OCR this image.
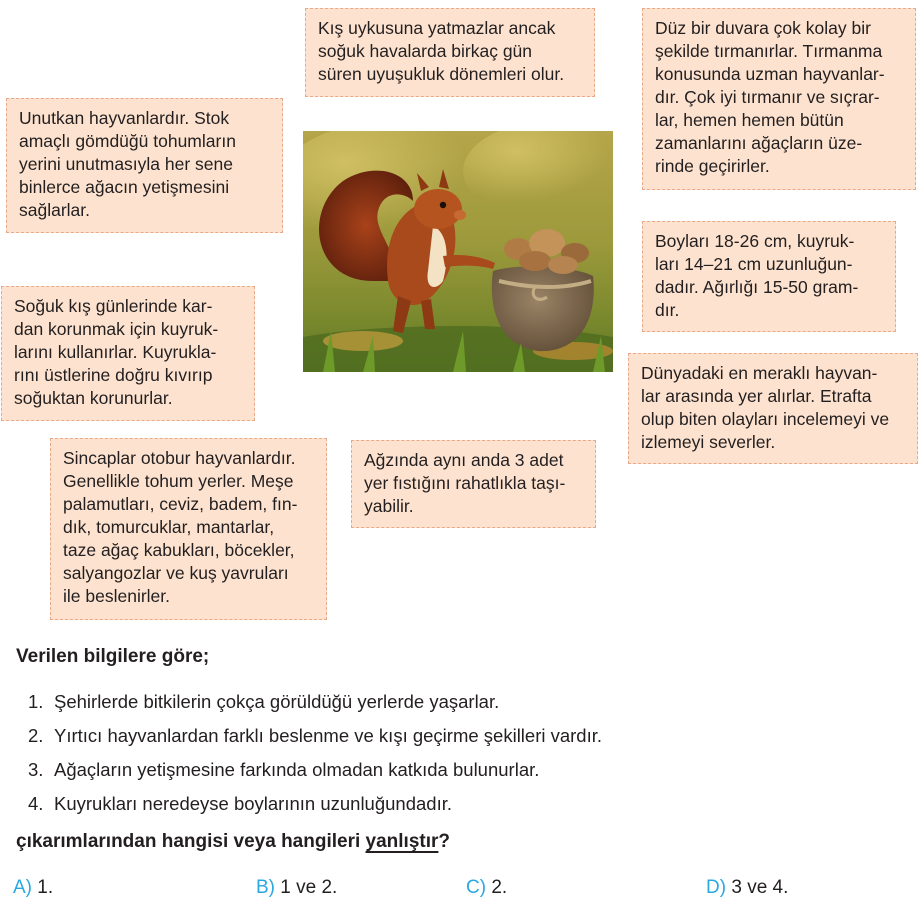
Kış uykusuna yatmazlar ancak
soğuk havalarda birkaç gün
süren uyuşukluk dönemleri olur.
Düz bir duvara çok kolay bir
şekilde tırmanırlar. Tırmanma
konusunda uzman hayvanlar-
dır. Çok iyi tırmanır ve sıçrar-
lar, hemen hemen bütün
zamanlarını ağaçların üze-
rinde geçirirler.
Unutkan hayvanlardır. Stok
amaçlı gömdüğü tohumların
yerini unutmasıyla her sene
binlerce ağacın yetişmesini
sağlarlar.
Boyları 18-26 cm, kuyruk-
ları 14–21 cm uzunluğun-
dadır. Ağırlığı 15-50 gram-
dır.
Soğuk kış günlerinde kar-
dan korunmak için kuyruk-
larını kullanırlar. Kuyrukla-
rını üstlerine doğru kıvırıp
soğuktan korunurlar.
Dünyadaki en meraklı hayvan-
lar arasında yer alırlar. Etrafta
olup biten olayları incelemeyi ve
izlemeyi severler.
Sincaplar otobur hayvanlardır.
Genellikle tohum yerler. Meşe
palamutları, ceviz, badem, fın-
dık, tomurcuklar, mantarlar,
taze ağaç kabukları, böcekler,
salyangozlar ve kuş yavruları
ile beslenirler.
Ağzında aynı anda 3 adet
yer fıstığını rahatlıkla taşı-
yabilir.
Verilen bilgilere göre;
1. Şehirlerde bitkilerin çokça görüldüğü yerlerde yaşarlar.
2. Yırtıcı hayvanlardan farklı beslenme ve kışı geçirme şekilleri vardır.
3. Ağaçların yetişmesine farkında olmadan katkıda bulunurlar.
4. Kuyrukları neredeyse boylarının uzunluğundadır.
çıkarımlarından hangisi veya hangileri yanlıştır?
A) 1.	B) 1 ve 2.	C) 2.	D) 3 ve 4.
